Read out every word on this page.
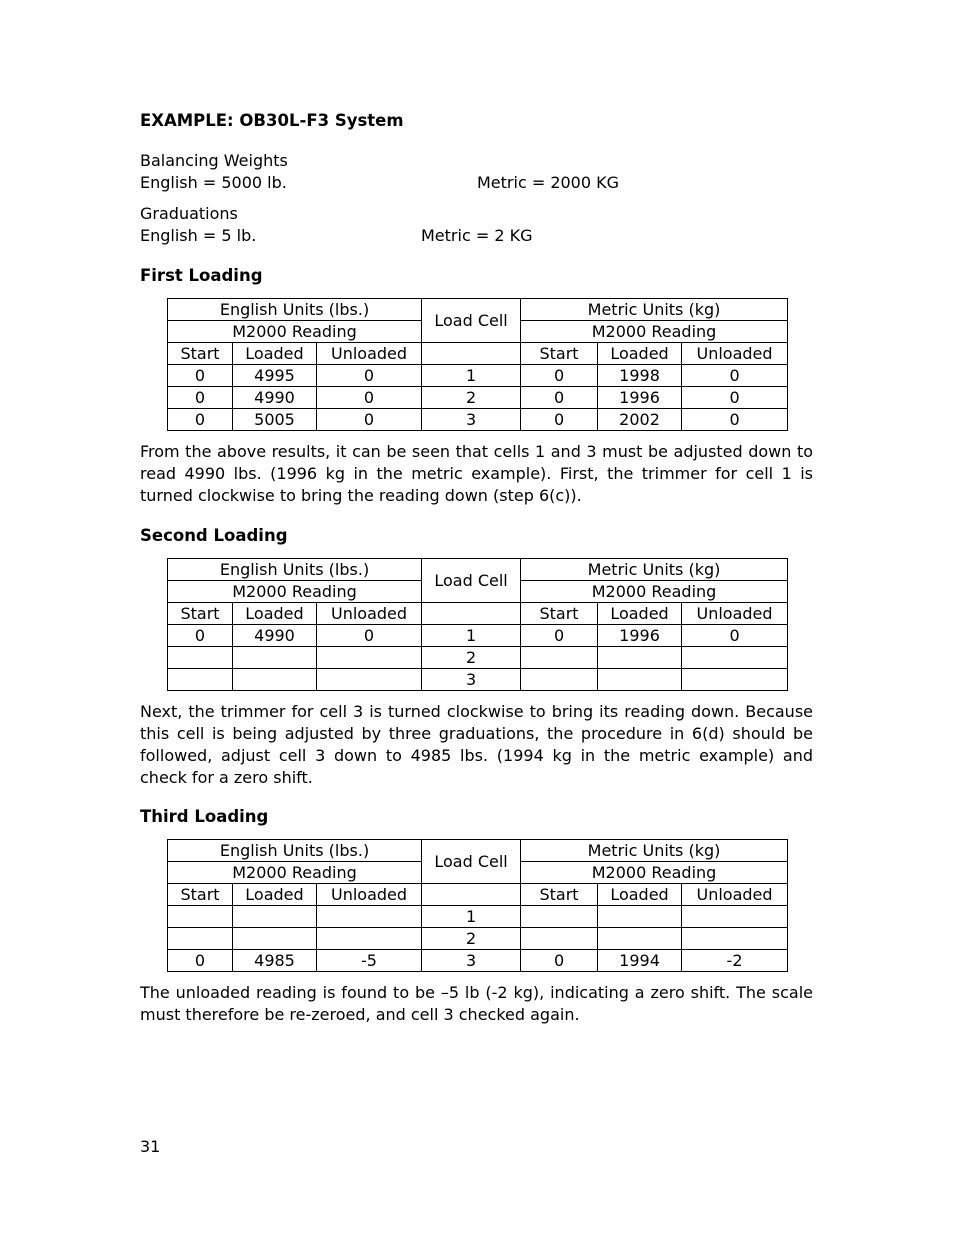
EXAMPLE: OB30L-F3 System
Balancing Weights
English = 5000 lb.	Metric = 2000 KG
Graduations
English = 5 lb.	Metric = 2 KG
First Loading
English Units (lbs.)			Load Cell	Metric Units (kg)		
M2000 Reading				M2000 Reading		
Start	Loaded	Unloaded		Start	Loaded	Unloaded
0	4995	0	1	0	1998	0
0	4990	0	2	0	1996	0
0	5005	0	3	0	2002	0
From the above results, it can be seen that cells 1 and 3 must be adjusted down to read 4990 lbs. (1996 kg in the metric example). First, the trimmer for cell 1 is turned clockwise to bring the reading down (step 6(c)).
Second Loading
English Units (lbs.)			Load Cell	Metric Units (kg)		
M2000 Reading				M2000 Reading		
Start	Loaded	Unloaded		Start	Loaded	Unloaded
0	4990	0	1	0	1996	0
			2			
			3			
Next, the trimmer for cell 3 is turned clockwise to bring its reading down. Because this cell is being adjusted by three graduations, the procedure in 6(d) should be followed, adjust cell 3 down to 4985 lbs. (1994 kg in the metric example) and check for a zero shift.
Third Loading
English Units (lbs.)			Load Cell	Metric Units (kg)		
M2000 Reading				M2000 Reading		
Start	Loaded	Unloaded		Start	Loaded	Unloaded
			1			
			2			
0	4985	-5	3	0	1994	-2
The unloaded reading is found to be –5 lb (-2 kg), indicating a zero shift. The scale must therefore be re-zeroed, and cell 3 checked again.
31
